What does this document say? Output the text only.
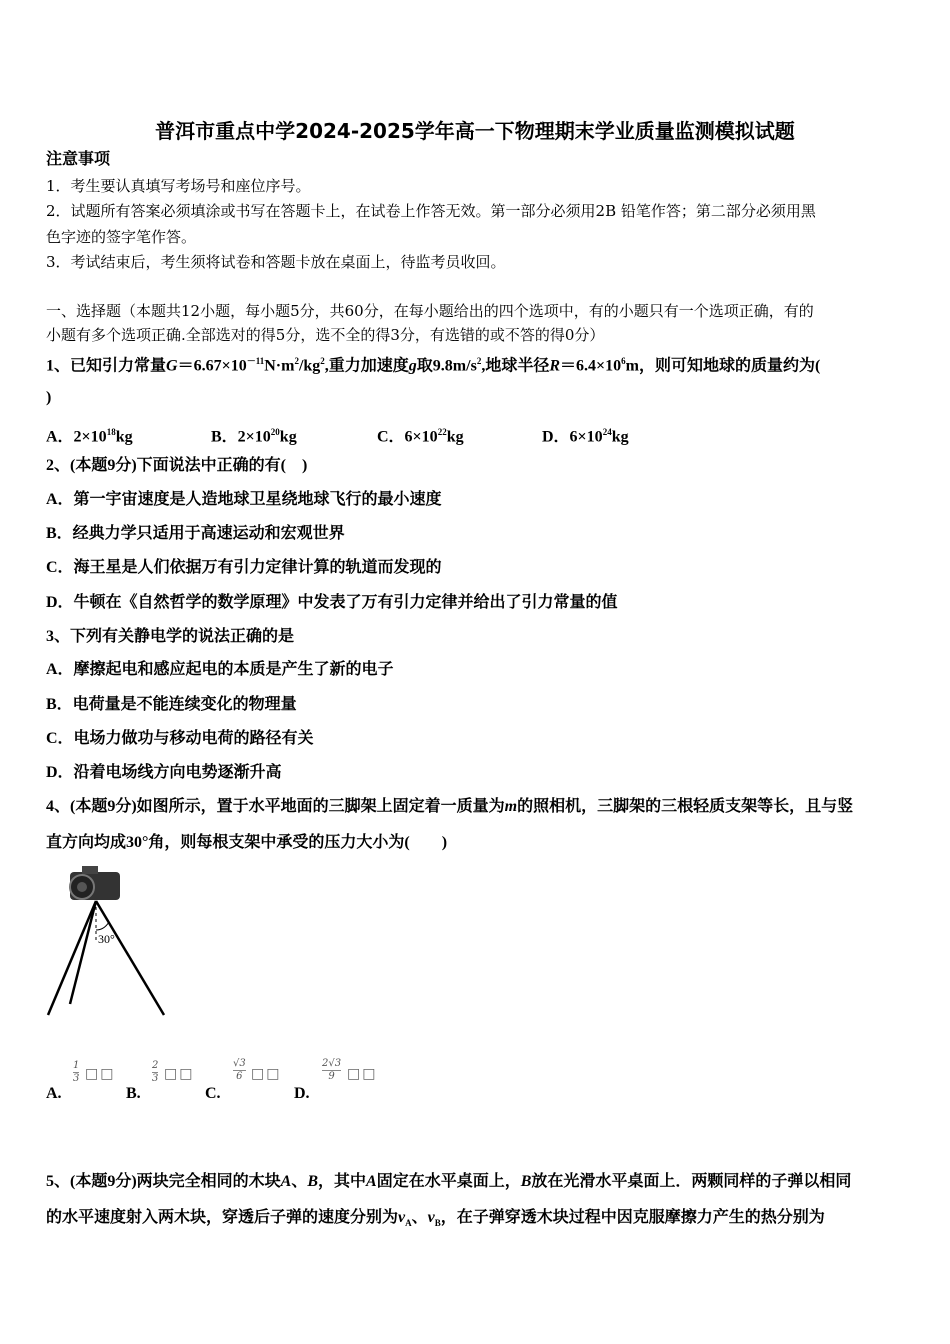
普洱市重点中学2024-2025学年高一下物理期末学业质量监测模拟试题
注意事项
1．考生要认真填写考场号和座位序号。
2．试题所有答案必须填涂或书写在答题卡上，在试卷上作答无效。第一部分必须用2B 铅笔作答；第二部分必须用黑
色字迹的签字笔作答。
3．考试结束后，考生须将试卷和答题卡放在桌面上，待监考员收回。
一、选择题（本题共12小题，每小题5分，共60分，在每小题给出的四个选项中，有的小题只有一个选项正确，有的
小题有多个选项正确.全部选对的得5分，选不全的得3分，有选错的或不答的得0分）
1、已知引力常量$G=6.67\times 10^{-11}N\cdot m^2/kg^2$,重力加速度g取$9.8m/s^2$,地球半径$R=6.4\times 10^6m$，则可知地球的质量约为(
)
A．$2\times 10^{18}kg$	B．$2\times 10^{20}kg$	C．$6\times 10^{22}kg$	D．$6\times 10^{24}kg$
2、(本题9分)下面说法中正确的有(　)
A．第一宇宙速度是人造地球卫星绕地球飞行的最小速度
B．经典力学只适用于高速运动和宏观世界
C．海王星是人们依据万有引力定律计算的轨道而发现的
D．牛顿在《自然哲学的数学原理》中发表了万有引力定律并给出了引力常量的值
3、下列有关静电学的说法正确的是
A．摩擦起电和感应起电的本质是产生了新的电子
B．电荷量是不能连续变化的物理量
C．电场力做功与移动电荷的路径有关
D．沿着电场线方向电势逐渐升高
4、(本题9分)如图所示，置于水平地面的三脚架上固定着一质量为m的照相机，三脚架的三根轻质支架等长，且与竖
直方向均成30°角，则每根支架中承受的压力大小为(　　)
30°
A.
$\frac{1}{3}$ □□
B.
$\frac{2}{3}$ □□
C.
$\frac{√3}{6}$ □□
D.
$\frac{2√3}{9}$ □□
5、(本题9分)两块完全相同的木块A、B，其中A固定在水平桌面上，B放在光滑水平桌面上．两颗同样的子弹以相同
的水平速度射入两木块，穿透后子弹的速度分别为$v_A$、$v_B$，在子弹穿透木块过程中因克服摩擦力产生的热分别为
